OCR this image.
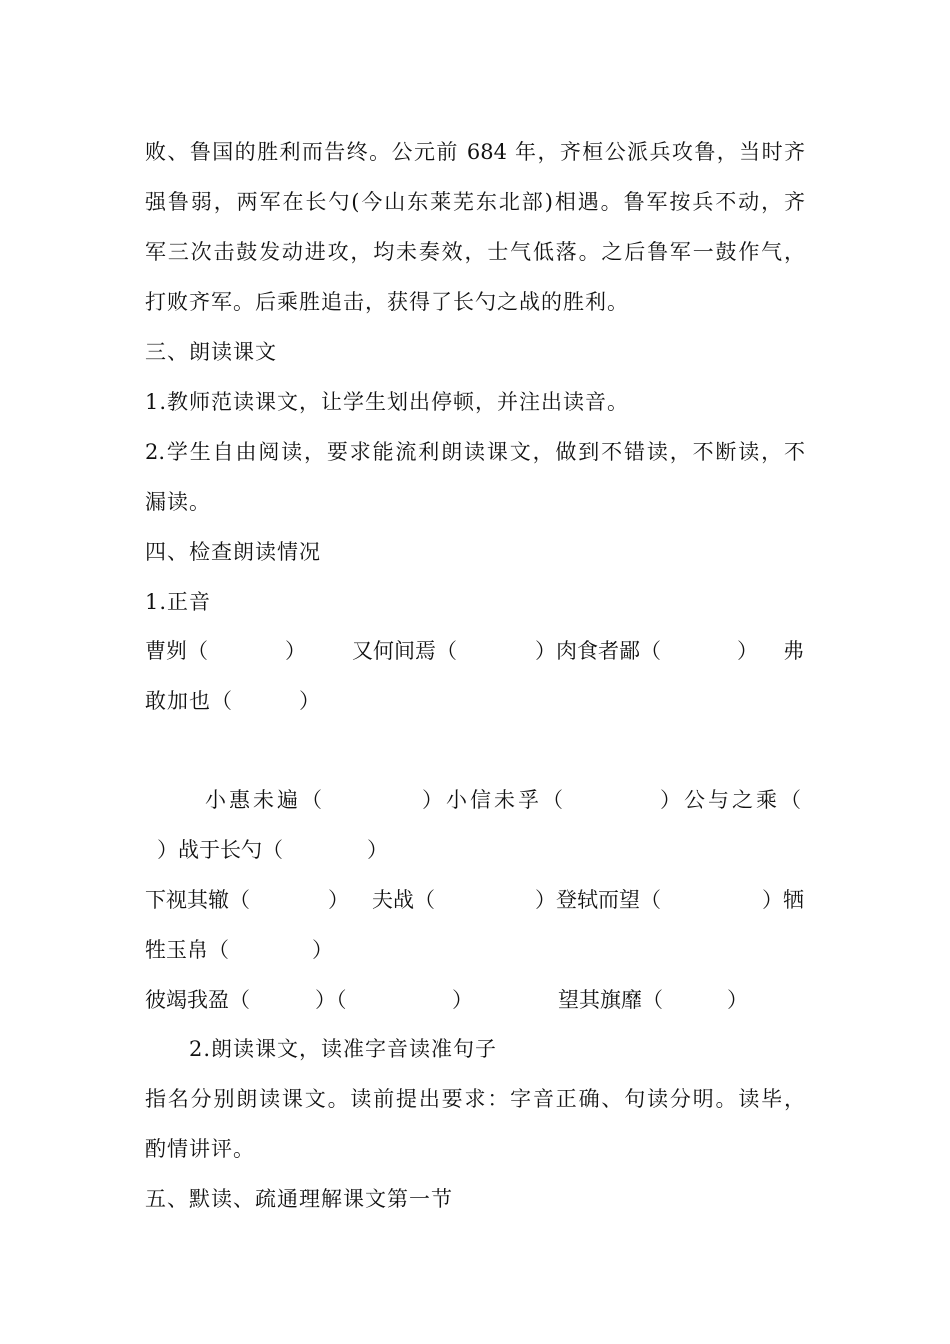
败、鲁国的胜利而告终。公元前 684 年，齐桓公派兵攻鲁，当时齐
强鲁弱，两军在长勺(今山东莱芜东北部)相遇。鲁军按兵不动，齐
军三次击鼓发动进攻，均未奏效，士气低落。之后鲁军一鼓作气，
打败齐军。后乘胜追击，获得了长勺之战的胜利。
三、朗读课文
1.教师范读课文，让学生划出停顿，并注出读音。
2.学生自由阅读，要求能流利朗读课文，做到不错读，不断读，不
漏读。
四、检查朗读情况
1.正音
曹刿（	） 又何间焉（	）肉食者鄙（	） 弗
敢加也（　　　）
小惠未遍（	）小信未孚（	）公与之乘（
）战于长勺（	）
下视其辙（	） 夫战（	）登轼而望（	）牺
牲玉帛（	）
彼竭我盈（	）（	）	望其旗靡（	）
2.朗读课文，读准字音读准句子
指名分别朗读课文。读前提出要求：字音正确、句读分明。读毕，
酌情讲评。
五、默读、疏通理解课文第一节
